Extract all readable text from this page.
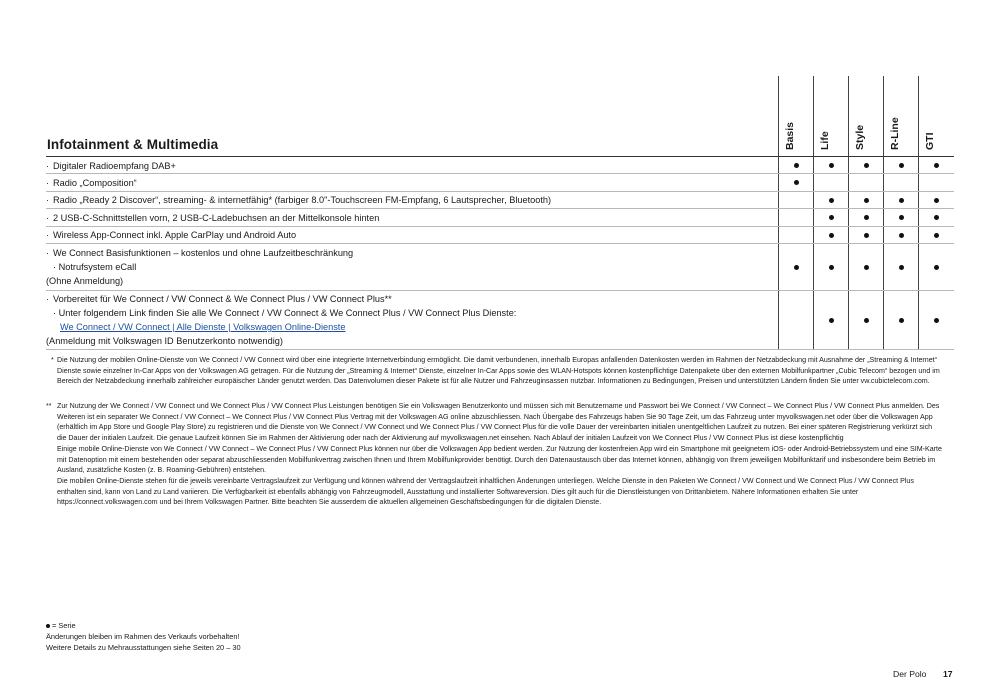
Infotainment & Multimedia	Basis Life Style R-Line GTI
· Digitaler Radioempfang DAB+
· Radio „Composition“
· Radio „Ready 2 Discover“, streaming- & internetfähig* (farbiger 8.0"-Touchscreen FM-Empfang, 6 Lautsprecher, Bluetooth)
· 2 USB-C-Schnittstellen vorn, 2 USB-C-Ladebuchsen an der Mittelkonsole hinten
· Wireless App-Connect inkl. Apple CarPlay und Android Auto
· We Connect Basisfunktionen – kostenlos und ohne Laufzeitbeschränkung
· Notrufsystem eCall
(Ohne Anmeldung)
· Vorbereitet für We Connect / VW Connect & We Connect Plus / VW Connect Plus**
· Unter folgendem Link finden Sie alle We Connect / VW Connect & We Connect Plus / VW Connect Plus Dienste:
We Connect / VW Connect | Alle Dienste | Volkswagen Online-Dienste
(Anmeldung mit Volkswagen ID Benutzerkonto notwendig)
* Die Nutzung der mobilen Online-Dienste von We Connect / VW Connect wird über eine integrierte Internetverbindung ermöglicht. Die damit verbundenen, innerhalb Europas anfallenden Datenkosten werden im Rahmen der Netzabdeckung mit Ausnahme der „Streaming & Internet“ Dienste sowie einzelner In-Car Apps von der Volkswagen AG getragen. Für die Nutzung der „Streaming & Internet“ Dienste, einzelner In-Car Apps sowie des WLAN-Hotspots können kostenpflichtige Datenpakete über den externen Mobilfunkpartner „Cubic Telecom“ bezogen und im Bereich der Netzabdeckung innerhalb zahlreicher europäischer Länder genutzt werden. Das Datenvolumen dieser Pakete ist für alle Nutzer und Fahrzeuginsassen nutzbar. Informationen zu Bedingungen, Preisen und unterstützten Ländern finden Sie unter vw.cubictelecom.com.

** Zur Nutzung der We Connect / VW Connect und We Connect Plus / VW Connect Plus Leistungen benötigen Sie ein Volkswagen Benutzerkonto und müssen sich mit Benutzername und Passwort bei We Connect / VW Connect – We Connect Plus / VW Connect Plus anmelden. Des Weiteren ist ein separater We Connect / VW Connect – We Connect Plus / VW Connect Plus Vertrag mit der Volkswagen AG online abzuschliessen. Nach Übergabe des Fahrzeugs haben Sie 90 Tage Zeit, um das Fahrzeug unter myvolkswagen.net oder über die Volkswagen App (erhältlich im App Store und Google Play Store) zu registrieren und die Dienste von We Connect / VW Connect und We Connect Plus / VW Connect Plus für die volle Dauer der vereinbarten initialen unentgeltlichen Laufzeit zu nutzen. Bei einer späteren Registrierung verkürzt sich die Dauer der initialen Laufzeit. Die genaue Laufzeit können Sie im Rahmen der Aktivierung oder nach der Aktivierung auf myvolkswagen.net einsehen. Nach Ablauf der initialen Laufzeit von We Connect Plus / VW Connect Plus ist diese kostenpflichtig

Einige mobile Online-Dienste von We Connect / VW Connect – We Connect Plus / VW Connect Plus können nur über die Volkswagen App bedient werden. Zur Nutzung der kostenfreien App wird ein Smartphone mit geeignetem iOS- oder Android-Betriebssystem und eine SIM-Karte mit Datenoption mit einem bestehenden oder separat abzuschliessenden Mobilfunkvertrag zwischen Ihnen und Ihrem Mobilfunkprovider benötigt. Durch den Datenaustausch über das Internet können, abhängig von Ihrem jeweiligen Mobilfunktarif und insbesondere beim Betrieb im Ausland, zusätzliche Kosten (z. B. Roaming-Gebühren) entstehen.

Die mobilen Online-Dienste stehen für die jeweils vereinbarte Vertragslaufzeit zur Verfügung und können während der Vertragslaufzeit inhaltlichen Änderungen unterliegen. Welche Dienste in den Paketen We Connect / VW Connect und We Connect Plus / VW Connect Plus enthalten sind, kann von Land zu Land variieren. Die Verfügbarkeit ist ebenfalls abhängig von Fahrzeugmodell, Ausstattung und installierter Softwareversion. Dies gilt auch für die Dienstleistungen von Drittanbietern. Nähere Informationen erhalten Sie unter https://connect.volkswagen.com und bei Ihrem Volkswagen Partner. Bitte beachten Sie ausserdem die aktuellen allgemeinen Geschäftsbedingungen für die digitalen Dienste.

= Serie
Änderungen bleiben im Rahmen des Verkaufs vorbehalten!
Weitere Details zu Mehrausstattungen siehe Seiten 20 – 30
Der Polo 17
